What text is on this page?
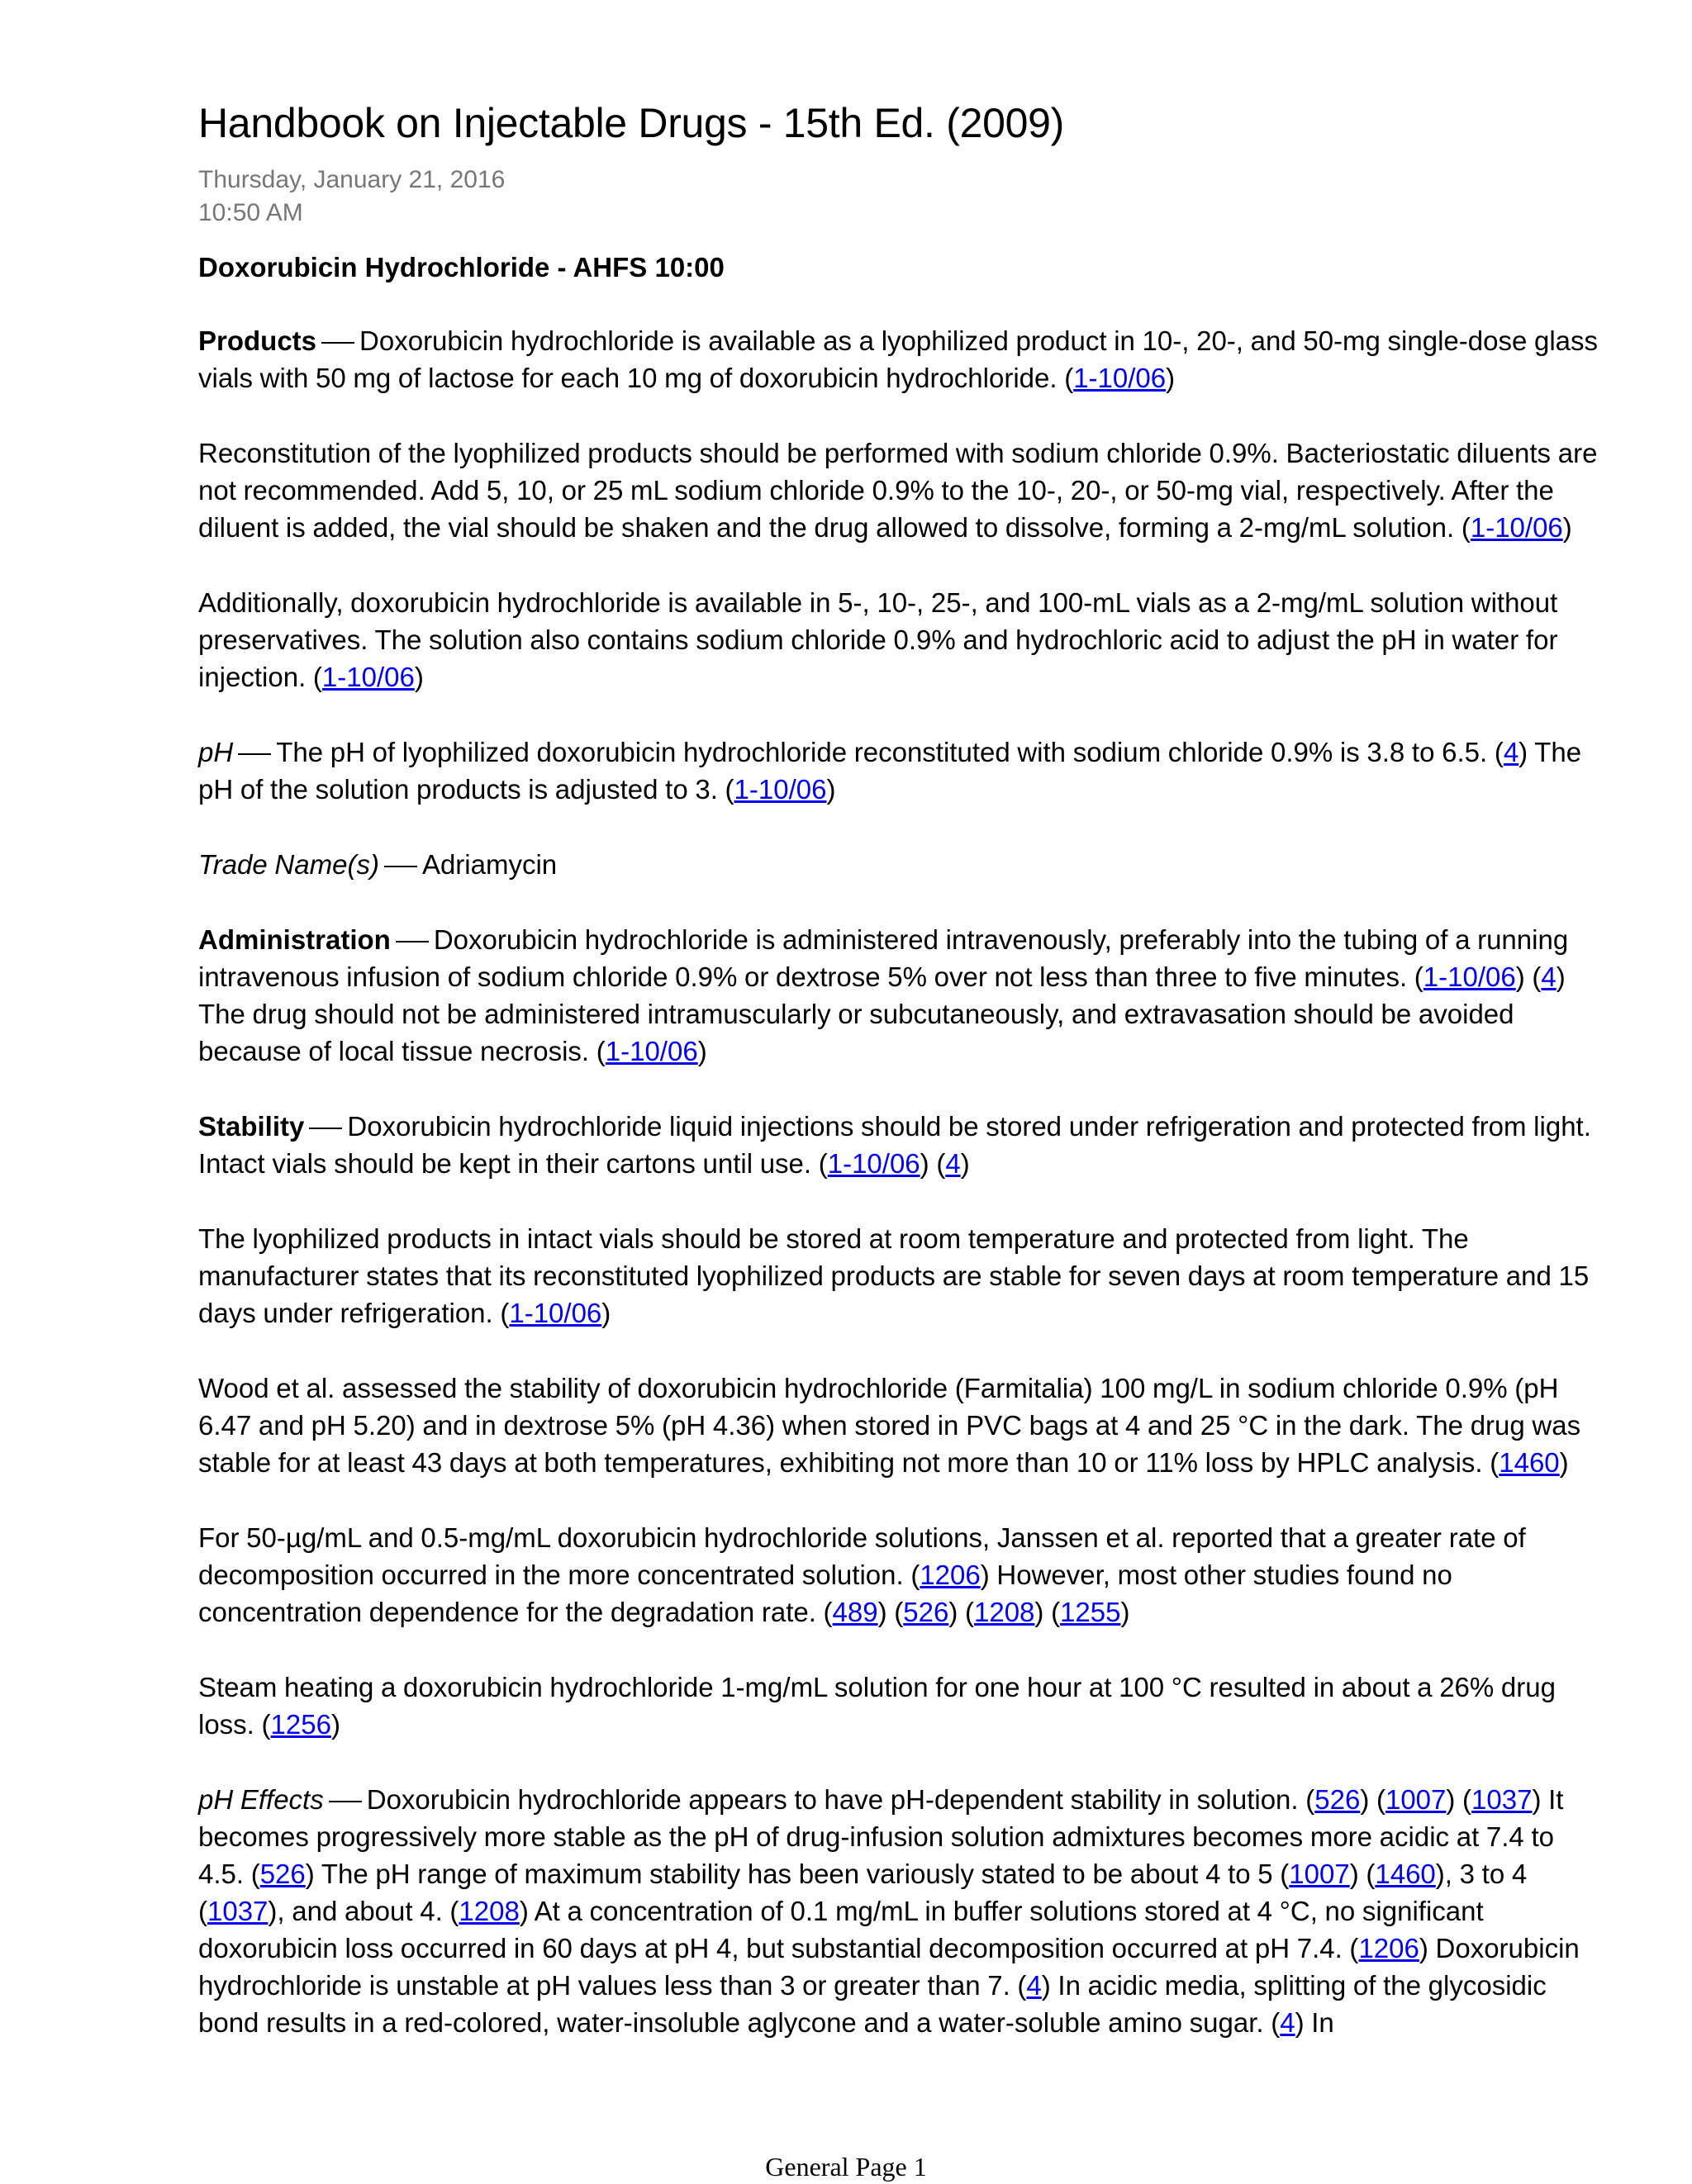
Handbook on Injectable Drugs - 15th Ed. (2009)
Thursday, January 21, 2016
10:50 AM
Doxorubicin Hydrochloride - AHFS 10:00

Products Doxorubicin hydrochloride is available as a lyophilized product in 10-, 20-, and 50-mg single-dose glass vials with 50 mg of lactose for each 10 mg of doxorubicin hydrochloride. (1-10/06)

Reconstitution of the lyophilized products should be performed with sodium chloride 0.9%. Bacteriostatic diluents are not recommended. Add 5, 10, or 25 mL sodium chloride 0.9% to the 10-, 20-, or 50-mg vial, respectively. After the diluent is added, the vial should be shaken and the drug allowed to dissolve, forming a 2-mg/mL solution. (1-10/06)

Additionally, doxorubicin hydrochloride is available in 5-, 10-, 25-, and 100-mL vials as a 2-mg/mL solution without preservatives. The solution also contains sodium chloride 0.9% and hydrochloric acid to adjust the pH in water for injection. (1-10/06)

pH The pH of lyophilized doxorubicin hydrochloride reconstituted with sodium chloride 0.9% is 3.8 to 6.5. (4) The pH of the solution products is adjusted to 3. (1-10/06)

Trade Name(s) Adriamycin

Administration Doxorubicin hydrochloride is administered intravenously, preferably into the tubing of a running intravenous infusion of sodium chloride 0.9% or dextrose 5% over not less than three to five minutes. (1-10/06) (4) The drug should not be administered intramuscularly or subcutaneously, and extravasation should be avoided because of local tissue necrosis. (1-10/06)

Stability Doxorubicin hydrochloride liquid injections should be stored under refrigeration and protected from light. Intact vials should be kept in their cartons until use. (1-10/06) (4)

The lyophilized products in intact vials should be stored at room temperature and protected from light. The manufacturer states that its reconstituted lyophilized products are stable for seven days at room temperature and 15 days under refrigeration. (1-10/06)

Wood et al. assessed the stability of doxorubicin hydrochloride (Farmitalia) 100 mg/L in sodium chloride 0.9% (pH 6.47 and pH 5.20) and in dextrose 5% (pH 4.36) when stored in PVC bags at 4 and 25 °C in the dark. The drug was stable for at least 43 days at both temperatures, exhibiting not more than 10 or 11% loss by HPLC analysis. (1460)

For 50-µg/mL and 0.5-mg/mL doxorubicin hydrochloride solutions, Janssen et al. reported that a greater rate of decomposition occurred in the more concentrated solution. (1206) However, most other studies found no concentration dependence for the degradation rate. (489) (526) (1208) (1255)

Steam heating a doxorubicin hydrochloride 1-mg/mL solution for one hour at 100 °C resulted in about a 26% drug loss. (1256)

pH Effects Doxorubicin hydrochloride appears to have pH-dependent stability in solution. (526) (1007) (1037) It becomes progressively more stable as the pH of drug-infusion solution admixtures becomes more acidic at 7.4 to 4.5. (526) The pH range of maximum stability has been variously stated to be about 4 to 5 (1007) (1460), 3 to 4 (1037), and about 4. (1208) At a concentration of 0.1 mg/mL in buffer solutions stored at 4 °C, no significant doxorubicin loss occurred in 60 days at pH 4, but substantial decomposition occurred at pH 7.4. (1206) Doxorubicin hydrochloride is unstable at pH values less than 3 or greater than 7. (4) In acidic media, splitting of the glycosidic bond results in a red-colored, water-insoluble aglycone and a water-soluble amino sugar. (4) In

General Page 1
